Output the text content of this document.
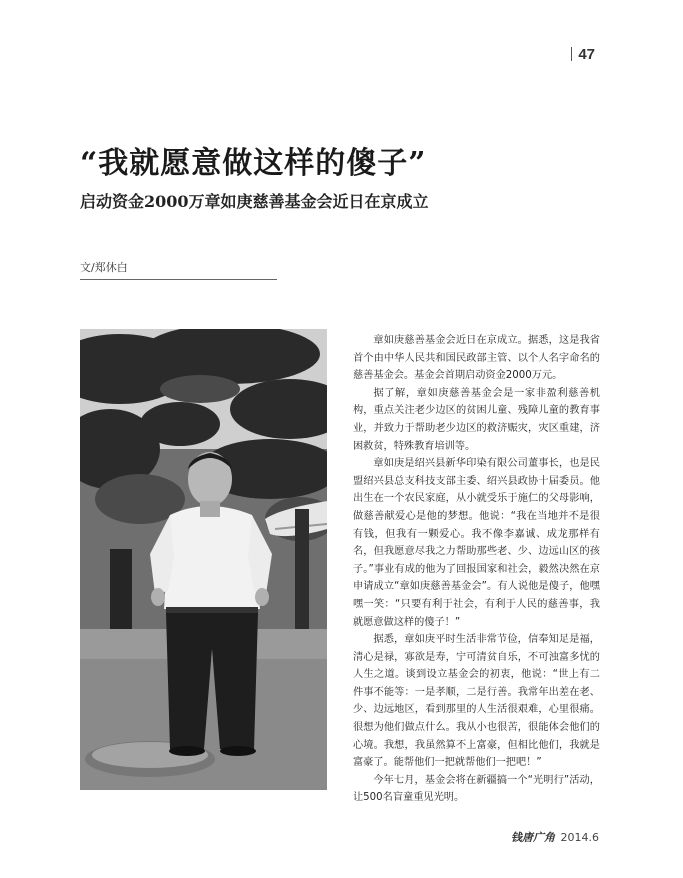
47
“我就愿意做这样的傻子”
启动资金2000万章如庚慈善基金会近日在京成立
文/郑休白

章如庚慈善基金会近日在京成立。据悉，这是我省首个由中华人民共和国民政部主管、以个人名字命名的慈善基金会。基金会首期启动资金2000万元。

据了解，章如庚慈善基金会是一家非盈利慈善机构，重点关注老少边区的贫困儿童、残障儿童的教育事业，并致力于帮助老少边区的救济赈灾，灾区重建，济困救贫，特殊教育培训等。

章如庚是绍兴县新华印染有限公司董事长，也是民盟绍兴县总支科技支部主委、绍兴县政协十届委员。他出生在一个农民家庭，从小就受乐于施仁的父母影响，做慈善献爱心是他的梦想。他说：“我在当地并不是很有钱，但我有一颗爱心。我不像李嘉诚、成龙那样有名，但我愿意尽我之力帮助那些老、少、边远山区的孩子。”事业有成的他为了回报国家和社会，毅然决然在京申请成立“章如庚慈善基金会”。有人说他是傻子，他嘿嘿一笑：“只要有利于社会，有利于人民的慈善事，我就愿意做这样的傻子！”

据悉，章如庚平时生活非常节俭，信奉知足是福，清心是禄，寡欲是寿，宁可清贫自乐，不可浊富多忧的人生之道。谈到设立基金会的初衷，他说：“世上有二件事不能等：一是孝顺，二是行善。我常年出差在老、少、边远地区，看到那里的人生活很艰难，心里很痛。很想为他们做点什么。我从小也很苦，很能体会他们的心境。我想，我虽然算不上富豪，但相比他们，我就是富豪了。能帮他们一把就帮他们一把吧！”

今年七月，基金会将在新疆搞一个“光明行”活动，让500名盲童重见光明。

钱唐广角 2014.6
